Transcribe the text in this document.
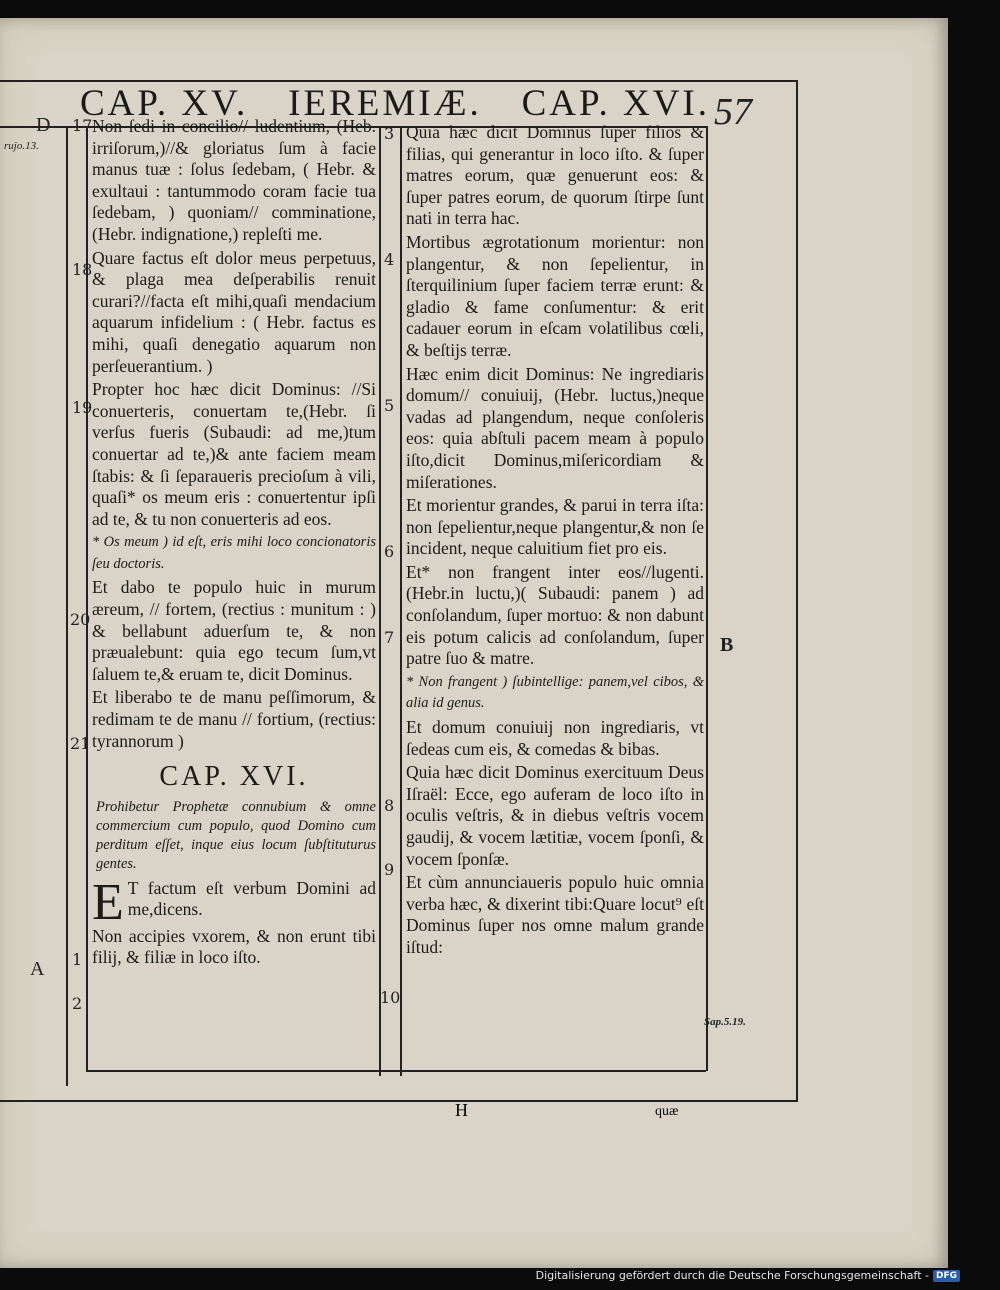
CAP. XV. IEREMIÆ. CAP. XVI. 57
D
rujo.13.
A
B
Sap.5.19.
17
18
19
20
21
1
2

Non ſedi in concilio// ludentium, (Heb. irriſorum,)//& gloriatus ſum à facie manus tuæ : ſolus ſedebam, ( Hebr. & exultaui : tantummodo coram facie tua ſedebam, ) quoniam// comminatione, (Hebr. indignatione,) repleſti me.

Quare factus eſt dolor meus perpetuus, & plaga mea deſperabilis renuit curari?//facta eſt mihi,quaſi mendacium aquarum infidelium : ( Hebr. factus es mihi, quaſi denegatio aquarum non perſeuerantium. )

Propter hoc hæc dicit Dominus: //Si conuerteris, conuertam te,(Hebr. ſi verſus fueris (Subaudi: ad me,)tum conuertar ad te,)& ante faciem meam ſtabis: & ſi ſeparaueris precioſum à vili, quaſi* os meum eris : conuertentur ipſi ad te, & tu non conuerteris ad eos.

* Os meum ) id eſt, eris mihi loco concionatoris ſeu doctoris.

Et dabo te populo huic in murum æreum, // fortem, (rectius : munitum : ) & bellabunt aduerſum te, & non præualebunt: quia ego tecum ſum,vt ſaluem te,& eruam te, dicit Dominus.

Et liberabo te de manu peſſimorum, & redimam te de manu // fortium, (rectius: tyrannorum )

CAP. XVI.

Prohibetur Prophetæ connubium & omne commercium cum populo, quod Domino cum perditum eſſet, inque eius locum ſubſtituturus gentes.

E T factum eſt verbum Domini ad me,dicens.

Non accipies vxorem, & non erunt tibi filij, & filiæ in loco iſto.

3
4
5
6
7
8
9
10

Quia hæc dicit Dominus ſuper filios & filias, qui generantur in loco iſto. & ſuper matres eorum, quæ genuerunt eos: & ſuper patres eorum, de quorum ſtirpe ſunt nati in terra hac.

Mortibus ægrotationum morientur: non plangentur, & non ſepelientur, in ſterquilinium ſuper faciem terræ erunt: & gladio & fame conſumentur: & erit cadauer eorum in eſcam volatilibus cœli, & beſtijs terræ.

Hæc enim dicit Dominus: Ne ingrediaris domum// conuiuij, (Hebr. luctus,)neque vadas ad plangendum, neque conſoleris eos: quia abſtuli pacem meam à populo iſto,dicit Dominus,miſericordiam & miſerationes.

Et morientur grandes, & parui in terra iſta: non ſepelientur,neque plangentur,& non ſe incident, neque caluitium fiet pro eis.

Et* non frangent inter eos//lugenti.(Hebr.in luctu,)( Subaudi: panem ) ad conſolandum, ſuper mortuo: & non dabunt eis potum calicis ad conſolandum, ſuper patre ſuo & matre.

* Non frangent ) ſubintellige: panem,vel cibos, & alia id genus.

Et domum conuiuij non ingrediaris, vt ſedeas cum eis, & comedas & bibas.

Quia hæc dicit Dominus exercituum Deus Iſraël: Ecce, ego auferam de loco iſto in oculis veſtris, & in diebus veſtris vocem gaudij, & vocem lætitiæ, vocem ſponſi, & vocem ſponſæ.

Et cùm annunciaueris populo huic omnia verba hæc, & dixerint tibi:Quare locut⁹ eſt Dominus ſuper nos omne malum grande iſtud:

H	quæ
Digitalisierung gefördert durch die Deutsche Forschungsgemeinschaft - DFG
